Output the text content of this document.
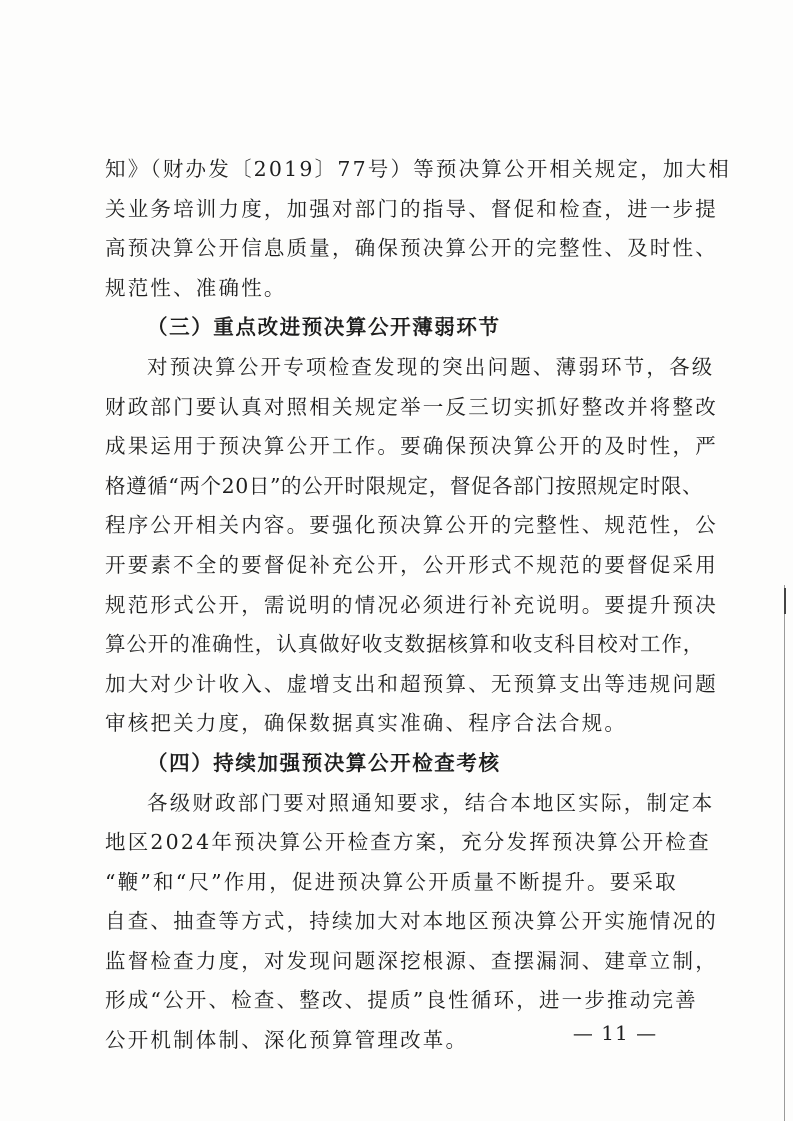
知》（财办发〔2019〕77号）等预决算公开相关规定，加大相
关业务培训力度，加强对部门的指导、督促和检查，进一步提
高预决算公开信息质量，确保预决算公开的完整性、及时性、
规范性、准确性。
（三）重点改进预决算公开薄弱环节
对预决算公开专项检查发现的突出问题、薄弱环节，各级
财政部门要认真对照相关规定举一反三切实抓好整改并将整改
成果运用于预决算公开工作。要确保预决算公开的及时性，严
格遵循“两个20日”的公开时限规定，督促各部门按照规定时限、
程序公开相关内容。要强化预决算公开的完整性、规范性，公
开要素不全的要督促补充公开，公开形式不规范的要督促采用
规范形式公开，需说明的情况必须进行补充说明。要提升预决
算公开的准确性，认真做好收支数据核算和收支科目校对工作，
加大对少计收入、虚增支出和超预算、无预算支出等违规问题
审核把关力度，确保数据真实准确、程序合法合规。
（四）持续加强预决算公开检查考核
各级财政部门要对照通知要求，结合本地区实际，制定本
地区2024年预决算公开检查方案，充分发挥预决算公开检查
“鞭”和“尺”作用，促进预决算公开质量不断提升。要采取
自查、抽查等方式，持续加大对本地区预决算公开实施情况的
监督检查力度，对发现问题深挖根源、查摆漏洞、建章立制，
形成“公开、检查、整改、提质”良性循环，进一步推动完善
公开机制体制、深化预算管理改革。	— 11 —
